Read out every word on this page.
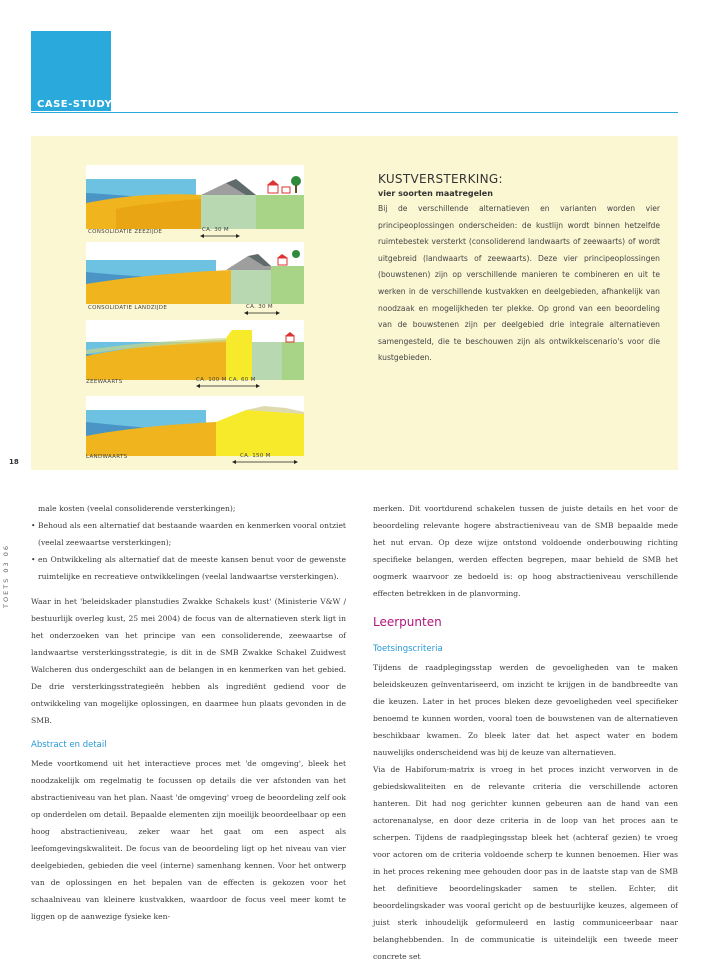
CASE-STUDY
CONSOLIDATIE ZEEZIJDE	CA. 30 M
CONSOLIDATIE LANDZIJDE	CA. 30 M
ZEEWAARTS	CA. 100 M CA. 60 M
LANDWAARTS	CA. 150 M
KUSTVERSTERKING:
vier soorten maatregelen
Bij de verschillende alternatieven en varianten worden vier principeoplossingen onderscheiden: de kustlijn wordt binnen hetzelfde ruimtebestek versterkt (consoliderend landwaarts of zeewaarts) of wordt uitgebreid (landwaarts of zeewaarts). Deze vier principeoplossingen (bouwstenen) zijn op verschillende manieren te combineren en uit te werken in de verschillende kustvakken en deelgebieden, afhankelijk van noodzaak en mogelijkheden ter plekke. Op grond van een beoordeling van de bouwstenen zijn per deelgebied drie integrale alternatieven samengesteld, die te beschouwen zijn als ontwikkelscenario's voor die kustgebieden.
18
TOETS 03 06

male kosten (veelal consoliderende versterkingen);

• Behoud als een alternatief dat bestaande waarden en kenmerken vooral ontziet (veelal zeewaartse versterkingen);
• en Ontwikkeling als alternatief dat de meeste kansen benut voor de gewenste ruimtelijke en recreatieve ontwikkelingen (veelal landwaartse versterkingen).

Waar in het 'beleidskader planstudies Zwakke Schakels kust' (Ministerie V&W / bestuurlijk overleg kust, 25 mei 2004) de focus van de alternatieven sterk ligt in het onderzoeken van het principe van een consoliderende, zeewaartse of landwaartse versterkingsstrategie, is dit in de SMB Zwakke Schakel Zuidwest Walcheren dus ondergeschikt aan de belangen in en kenmerken van het gebied. De drie versterkingsstrategieën hebben als ingrediënt gediend voor de ontwikkeling van mogelijke oplossingen, en daarmee hun plaats gevonden in de SMB.

Abstract en detail

Mede voortkomend uit het interactieve proces met 'de omgeving', bleek het noodzakelijk om regelmatig te focussen op details die ver afstonden van het abstractieniveau van het plan. Naast 'de omgeving' vroeg de beoordeling zelf ook op onderdelen om detail. Bepaalde elementen zijn moeilijk beoordeelbaar op een hoog abstractieniveau, zeker waar het gaat om een aspect als leefomgevingskwaliteit. De focus van de beoordeling ligt op het niveau van vier deelgebieden, gebieden die veel (interne) samenhang kennen. Voor het ontwerp van de oplossingen en het bepalen van de effecten is gekozen voor het schaalniveau van kleinere kustvakken, waardoor de focus veel meer komt te liggen op de aanwezige fysieke ken-

merken. Dit voortdurend schakelen tussen de juiste details en het voor de beoordeling relevante hogere abstractieniveau van de SMB bepaalde mede het nut ervan. Op deze wijze ontstond voldoende onderbouwing richting specifieke belangen, werden effecten begrepen, maar behield de SMB het oogmerk waarvoor ze bedoeld is: op hoog abstractieniveau verschillende effecten betrekken in de planvorming.

Leerpunten
Toetsingscriteria

Tijdens de raadplegingsstap werden de gevoeligheden van te maken beleidskeuzen geïnventariseerd, om inzicht te krijgen in de bandbreedte van die keuzen. Later in het proces bleken deze gevoeligheden veel specifieker benoemd te kunnen worden, vooral toen de bouwstenen van de alternatieven beschikbaar kwamen. Zo bleek later dat het aspect water en bodem nauwelijks onderscheidend was bij de keuze van alternatieven.

Via de Habiforum-matrix is vroeg in het proces inzicht verworven in de gebiedskwaliteiten en de relevante criteria die verschillende actoren hanteren. Dit had nog gerichter kunnen gebeuren aan de hand van een actorenanalyse, en door deze criteria in de loop van het proces aan te scherpen. Tijdens de raadplegingsstap bleek het (achteraf gezien) te vroeg voor actoren om de criteria voldoende scherp te kunnen benoemen. Hier was in het proces rekening mee gehouden door pas in de laatste stap van de SMB het definitieve beoordelingskader samen te stellen. Echter, dit beoordelingskader was vooral gericht op de bestuurlijke keuzes, algemeen of juist sterk inhoudelijk geformuleerd en lastig communiceerbaar naar belanghebbenden. In de communicatie is uiteindelijk een tweede meer concrete set
